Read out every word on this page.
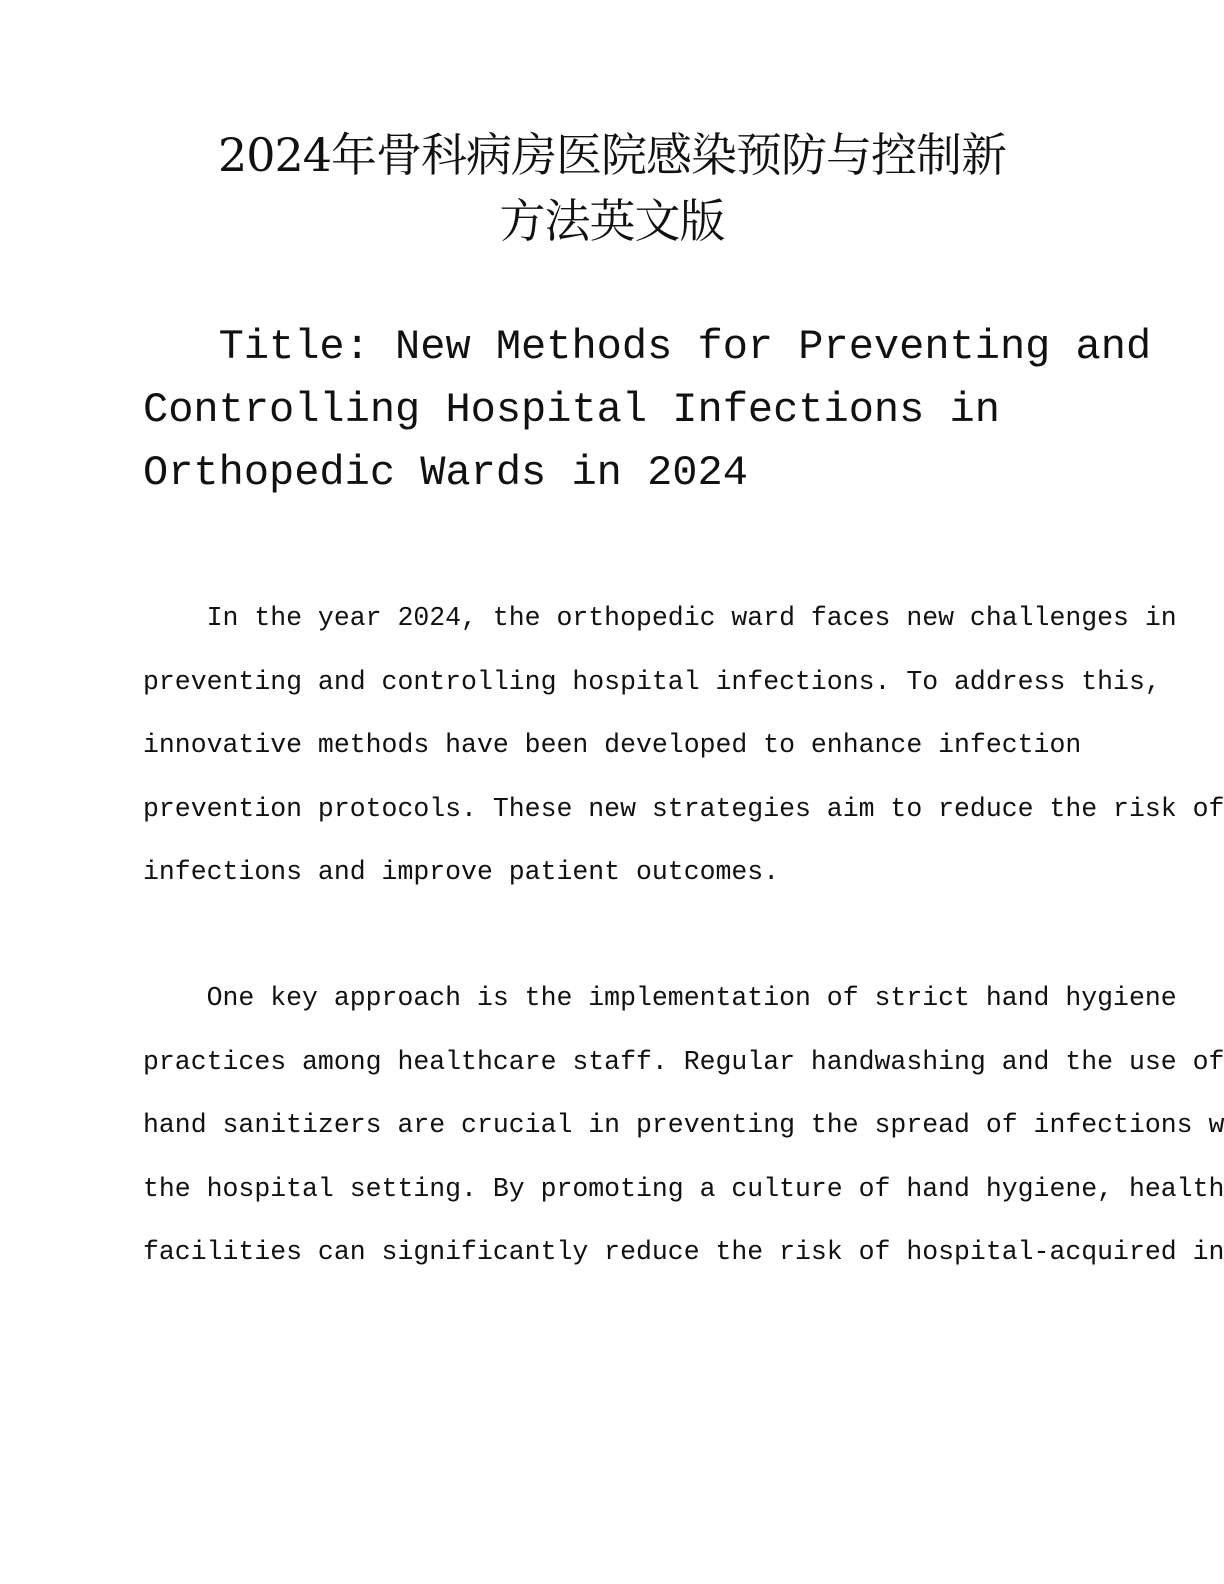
2024年骨科病房医院感染预防与控制新
方法英文版
Title: New Methods for Preventing and
Controlling Hospital Infections in
Orthopedic Wards in 2024
In the year 2024, the orthopedic ward faces new challenges in
preventing and controlling hospital infections. To address this,
innovative methods have been developed to enhance infection
prevention protocols. These new strategies aim to reduce the risk of
infections and improve patient outcomes.
One key approach is the implementation of strict hand hygiene
practices among healthcare staff. Regular handwashing and the use of
hand sanitizers are crucial in preventing the spread of infections w
the hospital setting. By promoting a culture of hand hygiene, health
facilities can significantly reduce the risk of hospital-acquired in
